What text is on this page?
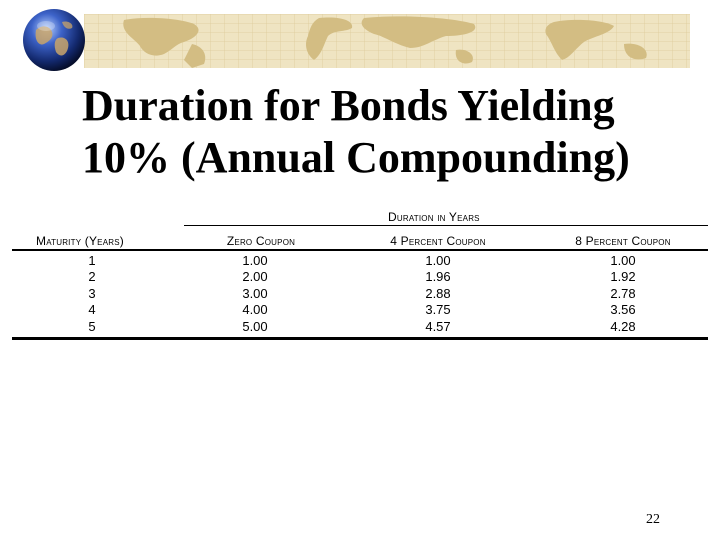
Duration for Bonds Yielding
10% (Annual Compounding)
Duration in Years
Maturity (Years)	Zero Coupon	4 Percent Coupon	8 Percent Coupon
1	1.00	1.00	1.00
2	2.00	1.96	1.92
3	3.00	2.88	2.78
4	4.00	3.75	3.56
5	5.00	4.57	4.28
22
